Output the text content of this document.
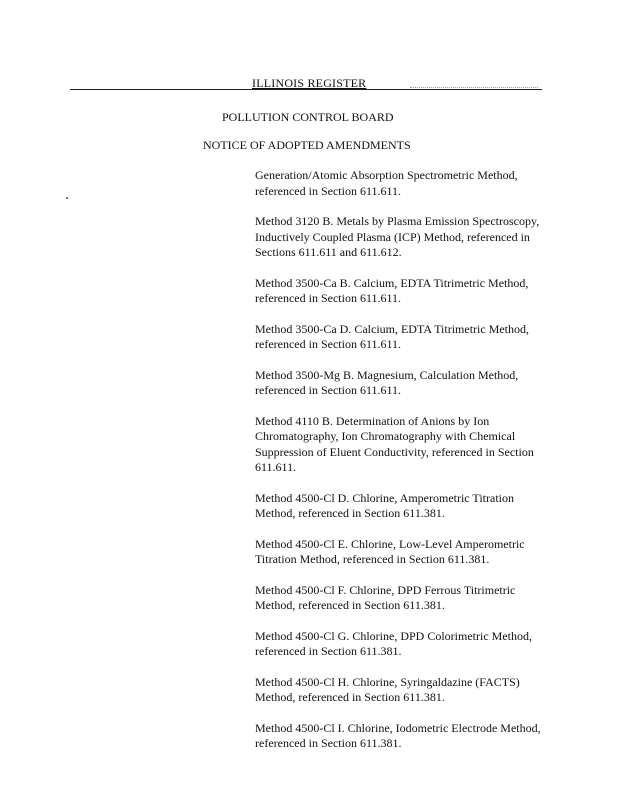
ILLINOIS REGISTER
POLLUTION CONTROL BOARD
NOTICE OF ADOPTED AMENDMENTS
Generation/Atomic Absorption Spectrometric Method, referenced in Section 611.611.
Method 3120 B. Metals by Plasma Emission Spectroscopy, Inductively Coupled Plasma (ICP) Method, referenced in Sections 611.611 and 611.612.
Method 3500-Ca B. Calcium, EDTA Titrimetric Method, referenced in Section 611.611.
Method 3500-Ca D. Calcium, EDTA Titrimetric Method, referenced in Section 611.611.
Method 3500-Mg B. Magnesium, Calculation Method, referenced in Section 611.611.
Method 4110 B. Determination of Anions by Ion Chromatography, Ion Chromatography with Chemical Suppression of Eluent Conductivity, referenced in Section 611.611.
Method 4500-Cl D. Chlorine, Amperometric Titration Method, referenced in Section 611.381.
Method 4500-Cl E. Chlorine, Low-Level Amperometric Titration Method, referenced in Section 611.381.
Method 4500-Cl F. Chlorine, DPD Ferrous Titrimetric Method, referenced in Section 611.381.
Method 4500-Cl G. Chlorine, DPD Colorimetric Method, referenced in Section 611.381.
Method 4500-Cl H. Chlorine, Syringaldazine (FACTS) Method, referenced in Section 611.381.
Method 4500-Cl I. Chlorine, Iodometric Electrode Method, referenced in Section 611.381.
